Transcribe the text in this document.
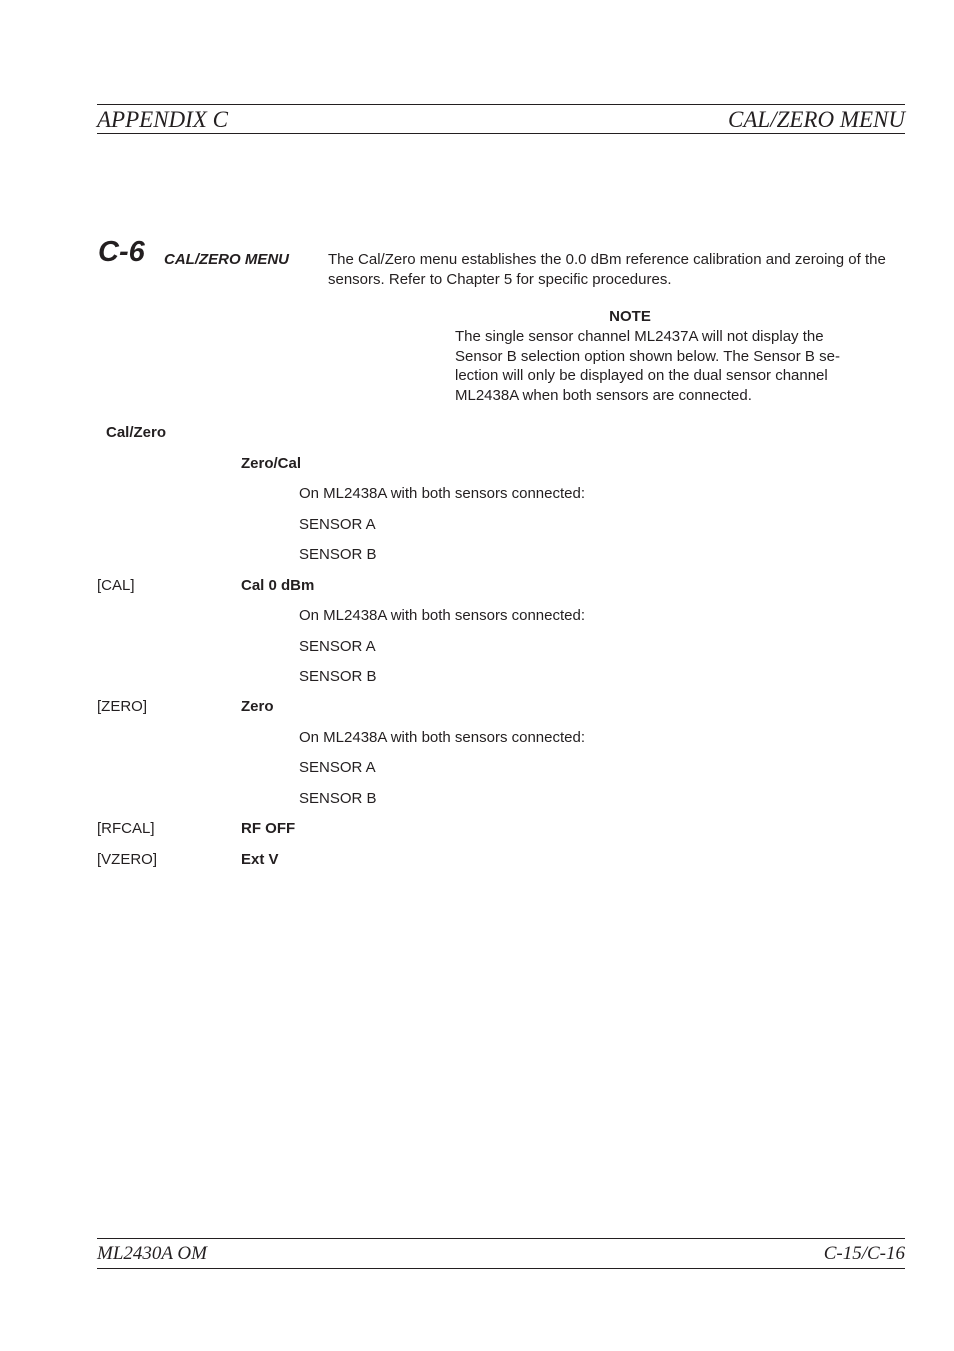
APPENDIX C	CAL/ZERO MENU
C-6 CAL/ZERO MENU	The Cal/Zero menu establishes the 0.0 dBm reference calibration and zeroing of the sensors. Refer to Chapter 5 for specific procedures.

NOTE

The single sensor channel ML2437A will not display the Sensor B selection option shown below. The Sensor B se-lection will only be displayed on the dual sensor channel ML2438A when both sensors are connected.

Cal/Zero
Zero/Cal
On ML2438A with both sensors connected:
SENSOR A
SENSOR B
[CAL]	Cal 0 dBm
On ML2438A with both sensors connected:
SENSOR A
SENSOR B
[ZERO]	Zero
On ML2438A with both sensors connected:
SENSOR A
SENSOR B
[RFCAL]	RF OFF
[VZERO]	Ext V
ML2430A OM	C-15/C-16
